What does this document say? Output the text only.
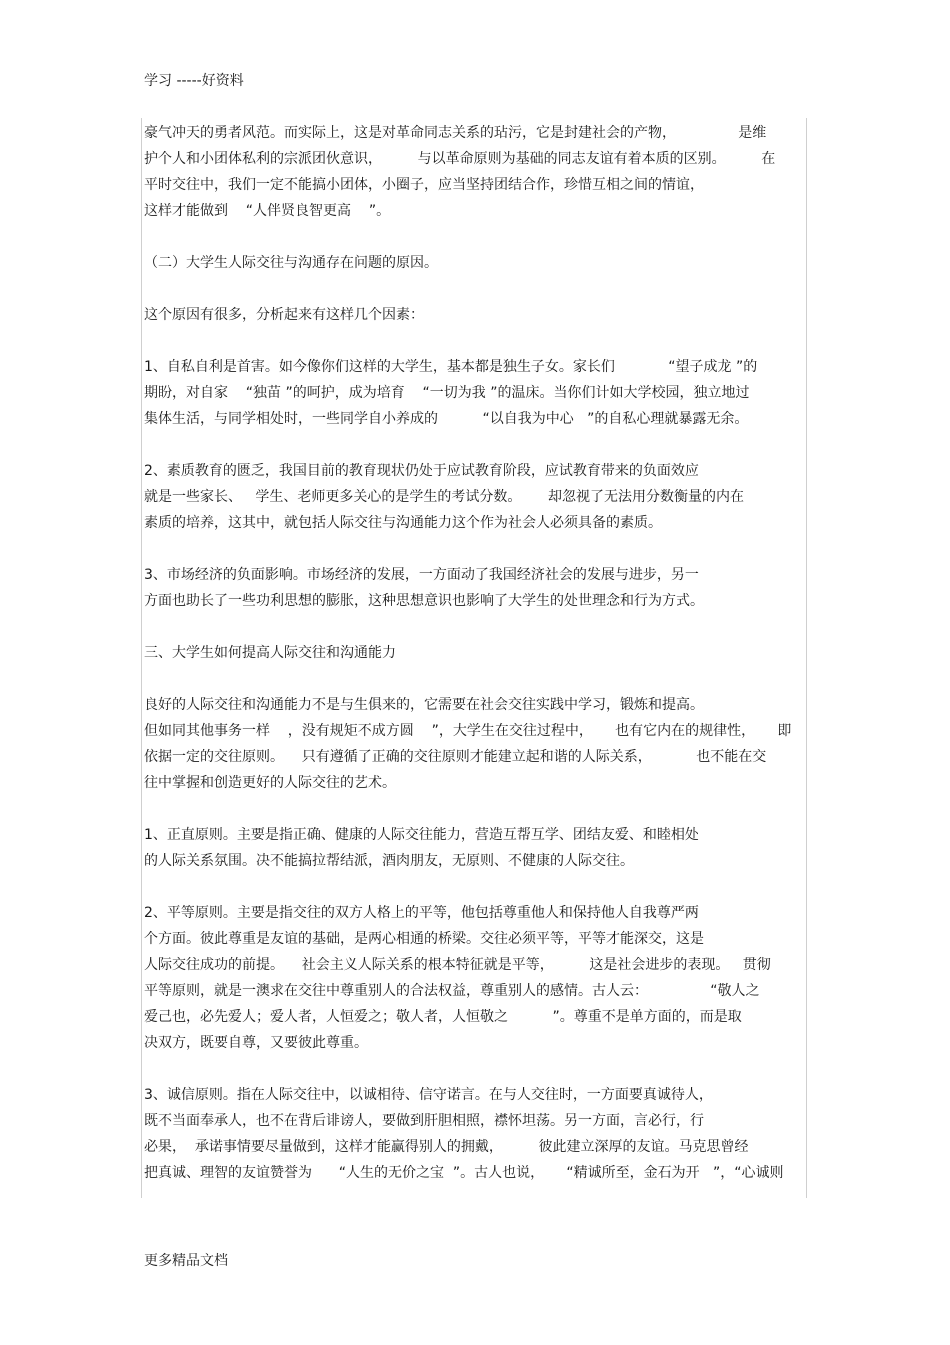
学习 -----好资料
豪气冲天的勇者风范。而实际上，这是对革命同志关系的玷污，它是封建社会的产物，              是维
护个人和小团体私利的宗派团伙意识，        与以革命原则为基础的同志友谊有着本质的区别。        在
平时交往中，我们一定不能搞小团体，小圈子，应当坚持团结合作，珍惜互相之间的情谊，
这样才能做到    “人伴贤良智更高    ”。
（二）大学生人际交往与沟通存在问题的原因。
这个原因有很多，分析起来有这样几个因素：
1、自私自利是首害。如今像你们这样的大学生，基本都是独生子女。家长们            “望子成龙 ”的
期盼，对自家    “独苗 ”的呵护，成为培育    “一切为我 ”的温床。当你们计如大学校园，独立地过
集体生活，与同学相处时，一些同学自小养成的          “以自我为中心   ”的自私心理就暴露无余。
2、素质教育的匮乏，我国目前的教育现状仍处于应试教育阶段，应试教育带来的负面效应
就是一些家长、   学生、老师更多关心的是学生的考试分数。      却忽视了无法用分数衡量的内在
素质的培养，这其中，就包括人际交往与沟通能力这个作为社会人必须具备的素质。
3、市场经济的负面影响。市场经济的发展，一方面动了我国经济社会的发展与进步，另一
方面也助长了一些功利思想的膨胀，这种思想意识也影响了大学生的处世理念和行为方式。
三、大学生如何提高人际交往和沟通能力
良好的人际交往和沟通能力不是与生俱来的，它需要在社会交往实践中学习，锻炼和提高。
但如同其他事务一样    ，没有规矩不成方圆    ”，大学生在交往过程中，     也有它内在的规律性，     即
依据一定的交往原则。    只有遵循了正确的交往原则才能建立起和谐的人际关系，          也不能在交
往中掌握和创造更好的人际交往的艺术。
1、正直原则。主要是指正确、健康的人际交往能力，营造互帮互学、团结友爱、和睦相处
的人际关系氛围。决不能搞拉帮结派，酒肉朋友，无原则、不健康的人际交往。
2、平等原则。主要是指交往的双方人格上的平等，他包括尊重他人和保持他人自我尊严两
个方面。彼此尊重是友谊的基础，是两心相通的桥梁。交往必须平等，平等才能深交，这是
人际交往成功的前提。    社会主义人际关系的根本特征就是平等，        这是社会进步的表现。   贯彻
平等原则，就是一澳求在交往中尊重别人的合法权益，尊重别人的感情。古人云：              “敬人之
爱己也，必先爱人；爱人者，人恒爱之；敬人者，人恒敬之          ”。尊重不是单方面的，而是取
决双方，既要自尊，又要彼此尊重。
3、诚信原则。指在人际交往中，以诚相待、信守诺言。在与人交往时，一方面要真诚待人，
既不当面奉承人，也不在背后诽谤人，要做到肝胆相照，襟怀坦荡。另一方面，言必行，行
必果，  承诺事情要尽量做到，这样才能赢得别人的拥戴，        彼此建立深厚的友谊。马克思曾经
把真诚、理智的友谊赞誉为      “人生的无价之宝  ”。古人也说，     “精诚所至，金石为开   ”，“心诚则
更多精品文档
